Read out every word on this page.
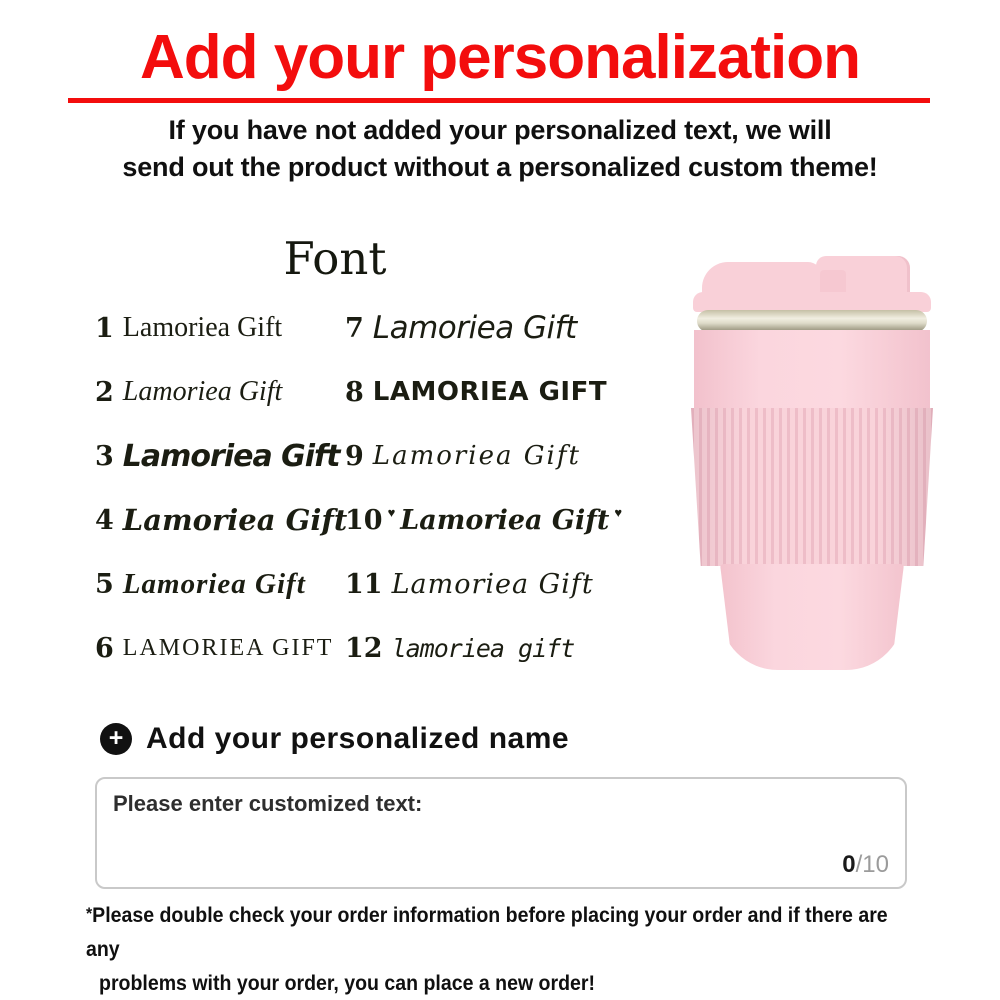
Add your personalization
If you have not added your personalized text, we will
send out the product without a personalized custom theme!
Font
1 Lamoriea Gift
2 Lamoriea Gift
3 Lamoriea Gift
4 Lamoriea Gift
5 Lamoriea Gift
6 LAMORIEA GIFT
7 Lamoriea Gift
8 LAMORIEA GIFT
9 Lamoriea Gift
10 ♥ Lamoriea Gift ♥
11 Lamoriea Gift
12 lamoriea gift
+ Add your personalized name
Please enter customized text:
0/10
*Please double check your order information before placing your order and if there are any
problems with your order, you can place a new order!
